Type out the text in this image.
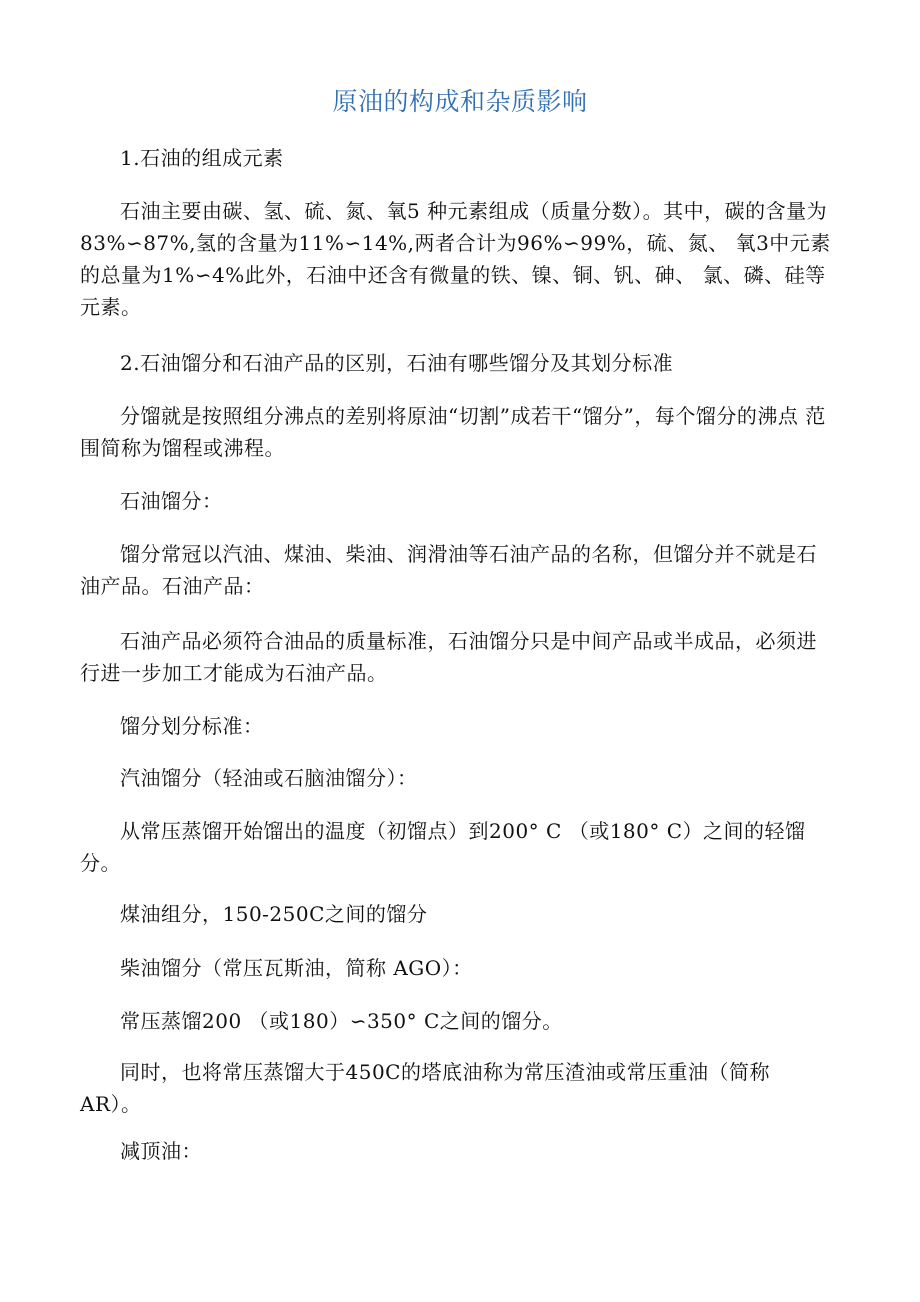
原油的构成和杂质影响
1.石油的组成元素
石油主要由碳、氢、硫、氮、氧5 种元素组成（质量分数）。其中，碳的含量为83%∽87%,氢的含量为11%∽14%,两者合计为96%∽99%，硫、氮、 氧3中元素的总量为1%∽4%此外，石油中还含有微量的铁、镍、铜、钒、砷、 氯、磷、硅等元素。
2.石油馏分和石油产品的区别，石油有哪些馏分及其划分标准
分馏就是按照组分沸点的差别将原油“切割”成若干“馏分”，每个馏分的沸点 范围简称为馏程或沸程。
石油馏分：
馏分常冠以汽油、煤油、柴油、润滑油等石油产品的名称，但馏分并不就是石油产品。石油产品：
石油产品必须符合油品的质量标准，石油馏分只是中间产品或半成品，必须进行进一步加工才能成为石油产品。
馏分划分标准：
汽油馏分（轻油或石脑油馏分）：
从常压蒸馏开始馏出的温度（初馏点）到200° C （或180° C）之间的轻馏分。
煤油组分，150-250C之间的馏分
柴油馏分（常压瓦斯油，简称 AGO）：
常压蒸馏200 （或180）∽350° C之间的馏分。
同时，也将常压蒸馏大于450C的塔底油称为常压渣油或常压重油（简称 AR）。
减顶油：
